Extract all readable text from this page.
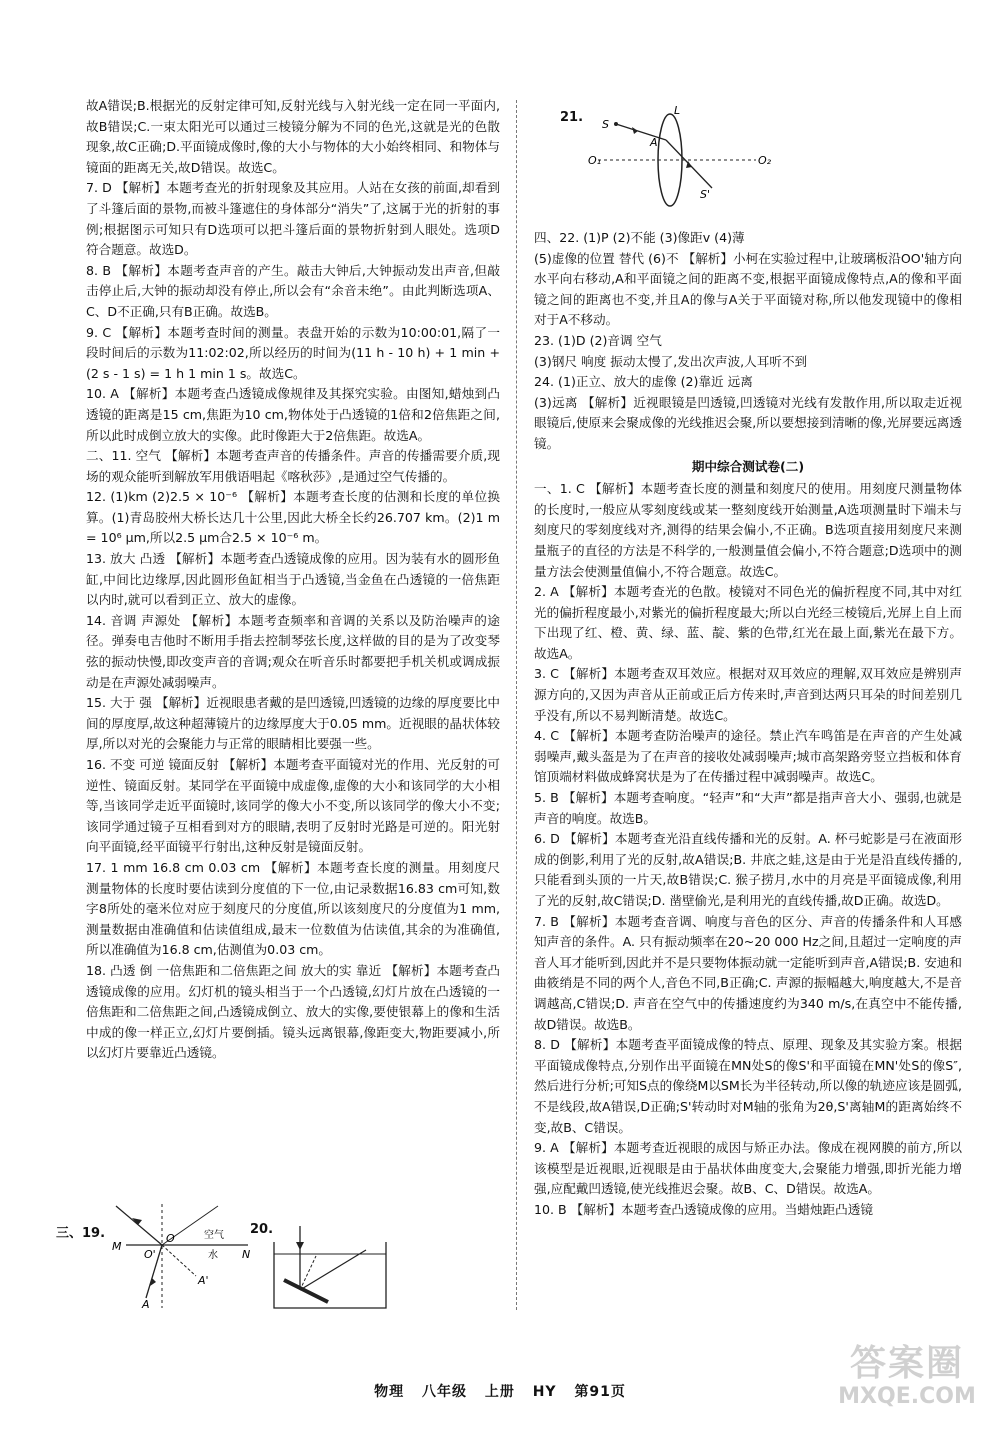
故A错误;B.根据光的反射定律可知,反射光线与入射光线一定在同一平面内,故B错误;C.一束太阳光可以通过三棱镜分解为不同的色光,这就是光的色散现象,故C正确;D.平面镜成像时,像的大小与物体的大小始终相同、和物体与镜面的距离无关,故D错误。故选C。

7. D 【解析】本题考查光的折射现象及其应用。人站在女孩的前面,却看到了斗篷后面的景物,而被斗篷遮住的身体部分“消失”了,这属于光的折射的事例;根据图示可知只有D选项可以把斗篷后面的景物折射到人眼处。选项D符合题意。故选D。

8. B 【解析】本题考查声音的产生。敲击大钟后,大钟振动发出声音,但敲击停止后,大钟的振动却没有停止,所以会有“余音未绝”。由此判断选项A、C、D不正确,只有B正确。故选B。

9. C 【解析】本题考查时间的测量。表盘开始的示数为10:00:01,隔了一段时间后的示数为11:02:02,所以经历的时间为(11 h - 10 h) + 1 min + (2 s - 1 s) = 1 h 1 min 1 s。故选C。

10. A 【解析】本题考查凸透镜成像规律及其探究实验。由图知,蜡烛到凸透镜的距离是15 cm,焦距为10 cm,物体处于凸透镜的1倍和2倍焦距之间,所以此时成倒立放大的实像。此时像距大于2倍焦距。故选A。

二、11. 空气 【解析】本题考查声音的传播条件。声音的传播需要介质,现场的观众能听到解放军用俄语唱起《喀秋莎》,是通过空气传播的。

12. (1)km (2)2.5 × 10⁻⁶ 【解析】本题考查长度的估测和长度的单位换算。(1)青岛胶州大桥长达几十公里,因此大桥全长约26.707 km。(2)1 m = 10⁶ μm,所以2.5 μm合2.5 × 10⁻⁶ m。

13. 放大 凸透 【解析】本题考查凸透镜成像的应用。因为装有水的圆形鱼缸,中间比边缘厚,因此圆形鱼缸相当于凸透镜,当金鱼在凸透镜的一倍焦距以内时,就可以看到正立、放大的虚像。

14. 音调 声源处 【解析】本题考查频率和音调的关系以及防治噪声的途径。弹奏电吉他时不断用手指去控制琴弦长度,这样做的目的是为了改变琴弦的振动快慢,即改变声音的音调;观众在听音乐时都要把手机关机或调成振动是在声源处减弱噪声。

15. 大于 强 【解析】近视眼患者戴的是凹透镜,凹透镜的边缘的厚度要比中间的厚度厚,故这种超薄镜片的边缘厚度大于0.05 mm。近视眼的晶状体较厚,所以对光的会聚能力与正常的眼睛相比要强一些。

16. 不变 可逆 镜面反射 【解析】本题考查平面镜对光的作用、光反射的可逆性、镜面反射。某同学在平面镜中成虚像,虚像的大小和该同学的大小相等,当该同学走近平面镜时,该同学的像大小不变,所以该同学的像大小不变;该同学通过镜子互相看到对方的眼睛,表明了反射时光路是可逆的。阳光射向平面镜,经平面镜平行射出,这种反射是镜面反射。

17. 1 mm 16.8 cm 0.03 cm 【解析】本题考查长度的测量。用刻度尺测量物体的长度时要估读到分度值的下一位,由记录数据16.83 cm可知,数字8所处的毫米位对应于刻度尺的分度值,所以该刻度尺的分度值为1 mm,测量数据由准确值和估读值组成,最末一位数值为估读值,其余的为准确值,所以准确值为16.8 cm,估测值为0.03 cm。

18. 凸透 倒 一倍焦距和二倍焦距之间 放大的实 靠近 【解析】本题考查凸透镜成像的应用。幻灯机的镜头相当于一个凸透镜,幻灯片放在凸透镜的一倍焦距和二倍焦距之间,凸透镜成倒立、放大的实像,要使银幕上的像和生活中成的像一样正立,幻灯片要倒插。镜头远离银幕,像距变大,物距要减小,所以幻灯片要靠近凸透镜。

三、19.
M
O
O'	N
A
A'
空气
水
20.
21. S
L
A
O₁	O₂
S'

四、22. (1)P (2)不能 (3)像距v (4)薄

(5)虚像的位置 替代 (6)不 【解析】小柯在实验过程中,让玻璃板沿OO'轴方向水平向右移动,A和平面镜之间的距离不变,根据平面镜成像特点,A的像和平面镜之间的距离也不变,并且A的像与A关于平面镜对称,所以他发现镜中的像相对于A不移动。

23. (1)D (2)音调 空气

(3)钢尺 响度 振动太慢了,发出次声波,人耳听不到

24. (1)正立、放大的虚像 (2)靠近 远离

(3)远离 【解析】近视眼镜是凹透镜,凹透镜对光线有发散作用,所以取走近视眼镜后,使原来会聚成像的光线推迟会聚,所以要想接到清晰的像,光屏要远离透镜。

期中综合测试卷(二)

一、1. C 【解析】本题考查长度的测量和刻度尺的使用。用刻度尺测量物体的长度时,一般应从零刻度线或某一整刻度线开始测量,A选项测量时下端未与刻度尺的零刻度线对齐,测得的结果会偏小,不正确。B选项直接用刻度尺来测量瓶子的直径的方法是不科学的,一般测量值会偏小,不符合题意;D选项中的测量方法会使测量值偏小,不符合题意。故选C。

2. A 【解析】本题考查光的色散。棱镜对不同色光的偏折程度不同,其中对红光的偏折程度最小,对紫光的偏折程度最大;所以白光经三棱镜后,光屏上自上而下出现了红、橙、黄、绿、蓝、靛、紫的色带,红光在最上面,紫光在最下方。故选A。

3. C 【解析】本题考查双耳效应。根据对双耳效应的理解,双耳效应是辨别声源方向的,又因为声音从正前或正后方传来时,声音到达两只耳朵的时间差别几乎没有,所以不易判断清楚。故选C。

4. C 【解析】本题考查防治噪声的途径。禁止汽车鸣笛是在声音的产生处减弱噪声,戴头盔是为了在声音的接收处减弱噪声;城市高架路旁竖立挡板和体育馆顶端材料做成蜂窝状是为了在传播过程中减弱噪声。故选C。

5. B 【解析】本题考查响度。“轻声”和“大声”都是指声音大小、强弱,也就是声音的响度。故选B。

6. D 【解析】本题考查光沿直线传播和光的反射。A. 杯弓蛇影是弓在液面形成的倒影,利用了光的反射,故A错误;B. 井底之蛙,这是由于光是沿直线传播的,只能看到头顶的一片天,故B错误;C. 猴子捞月,水中的月亮是平面镜成像,利用了光的反射,故C错误;D. 凿壁偷光,是利用光的直线传播,故D正确。故选D。

7. B 【解析】本题考查音调、响度与音色的区分、声音的传播条件和人耳感知声音的条件。A. 只有振动频率在20~20 000 Hz之间,且超过一定响度的声音人耳才能听到,因此并不是只要物体振动就一定能听到声音,A错误;B. 安迪和曲筱绡是不同的两个人,音色不同,B正确;C. 声源的振幅越大,响度越大,不是音调越高,C错误;D. 声音在空气中的传播速度约为340 m/s,在真空中不能传播,故D错误。故选B。

8. D 【解析】本题考查平面镜成像的特点、原理、现象及其实验方案。根据平面镜成像特点,分别作出平面镜在MN处S的像S'和平面镜在MN'处S的像S″,然后进行分析;可知S点的像绕M以SM长为半径转动,所以像的轨迹应该是圆弧,不是线段,故A错误,D正确;S'转动时对M轴的张角为2θ,S'离轴M的距离始终不变,故B、C错误。

9. A 【解析】本题考查近视眼的成因与矫正办法。像成在视网膜的前方,所以该模型是近视眼,近视眼是由于晶状体曲度变大,会聚能力增强,即折光能力增强,应配戴凹透镜,使光线推迟会聚。故B、C、D错误。故选A。

10. B 【解析】本题考查凸透镜成像的应用。当蜡烛距凸透镜

物理 八年级 上册 HY 第91页
答案圈
MXQE.COM
